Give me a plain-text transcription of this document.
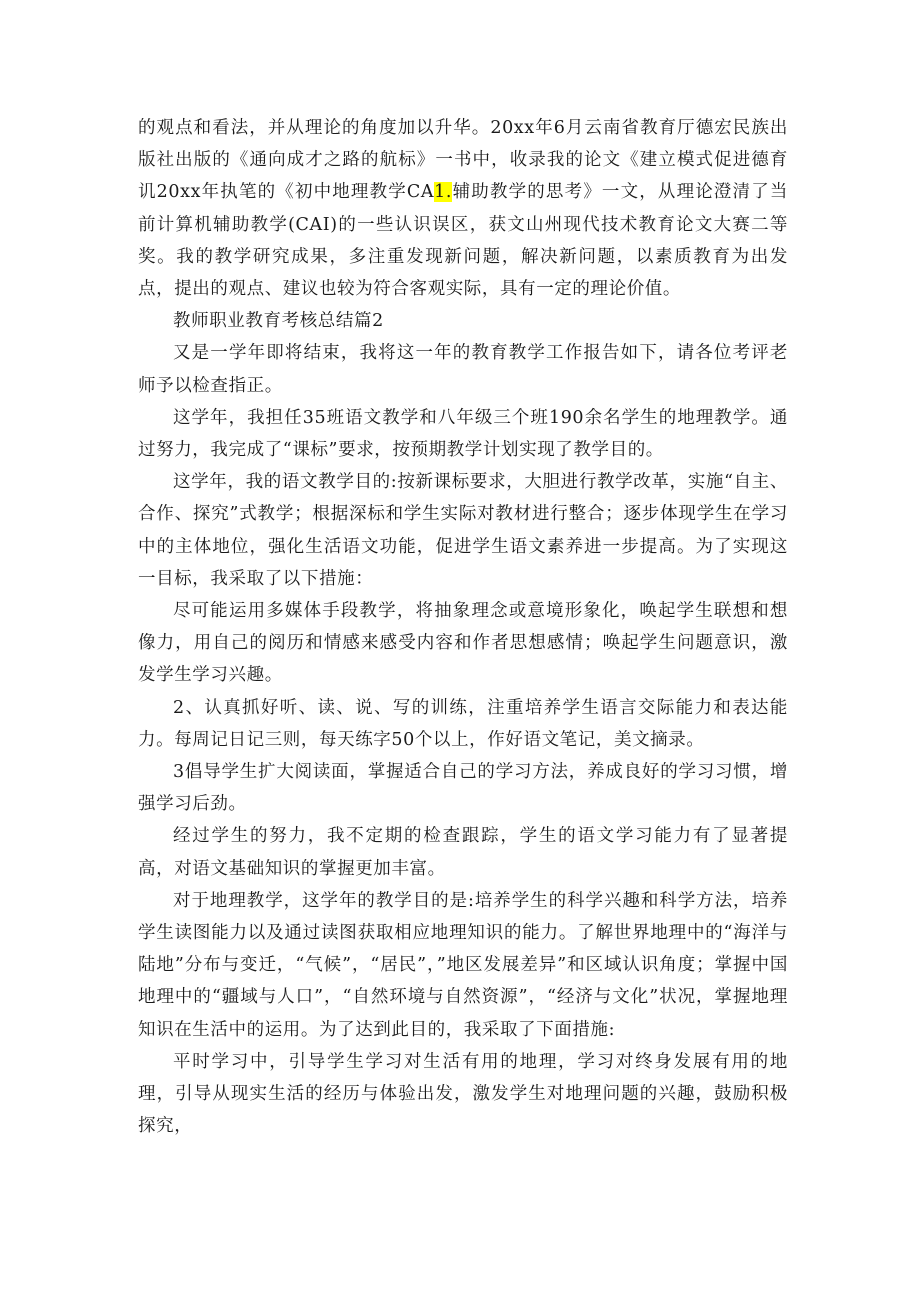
的观点和看法，并从理论的角度加以升华。20xx年6月云南省教育厅德宏民族出版社出版的《通向成才之路的航标》一书中，收录我的论文《建立模式促进德育讥20xx年执笔的《初中地理教学CA1.辅助教学的思考》一文，从理论澄清了当前计算机辅助教学(CAI)的一些认识误区，获文山州现代技术教育论文大赛二等奖。我的教学研究成果，多注重发现新问题，解决新问题，以素质教育为出发点，提出的观点、建议也较为符合客观实际，具有一定的理论价值。

教师职业教育考核总结篇2

又是一学年即将结束，我将这一年的教育教学工作报告如下，请各位考评老师予以检查指正。

这学年，我担任35班语文教学和八年级三个班190余名学生的地理教学。通过努力，我完成了“课标”要求，按预期教学计划实现了教学目的。

这学年，我的语文教学目的:按新课标要求，大胆进行教学改革，实施“自主、合作、探究”式教学；根据深标和学生实际对教材进行整合；逐步体现学生在学习中的主体地位，强化生活语文功能，促进学生语文素养进一步提高。为了实现这一目标，我采取了以下措施：

尽可能运用多媒体手段教学，将抽象理念或意境形象化，唤起学生联想和想像力，用自己的阅历和情感来感受内容和作者思想感情；唤起学生问题意识，激发学生学习兴趣。

2、认真抓好听、读、说、写的训练，注重培养学生语言交际能力和表达能力。每周记日记三则，每天练字50个以上，作好语文笔记，美文摘录。

3倡导学生扩大阅读面，掌握适合自己的学习方法，养成良好的学习习惯，增强学习后劲。

经过学生的努力，我不定期的检查跟踪，学生的语文学习能力有了显著提高，对语文基础知识的掌握更加丰富。

对于地理教学，这学年的教学目的是:培养学生的科学兴趣和科学方法，培养学生读图能力以及通过读图获取相应地理知识的能力。了解世界地理中的“海洋与陆地”分布与变迁，“气候”，“居民”，”地区发展差异”和区域认识角度；掌握中国地理中的“疆域与人口”，“自然环境与自然资源”，“经济与文化”状况，掌握地理知识在生活中的运用。为了达到此目的，我采取了下面措施:

平时学习中，引导学生学习对生活有用的地理，学习对终身发展有用的地理，引导从现实生活的经历与体验出发，激发学生对地理问题的兴趣，鼓励积极探究，
